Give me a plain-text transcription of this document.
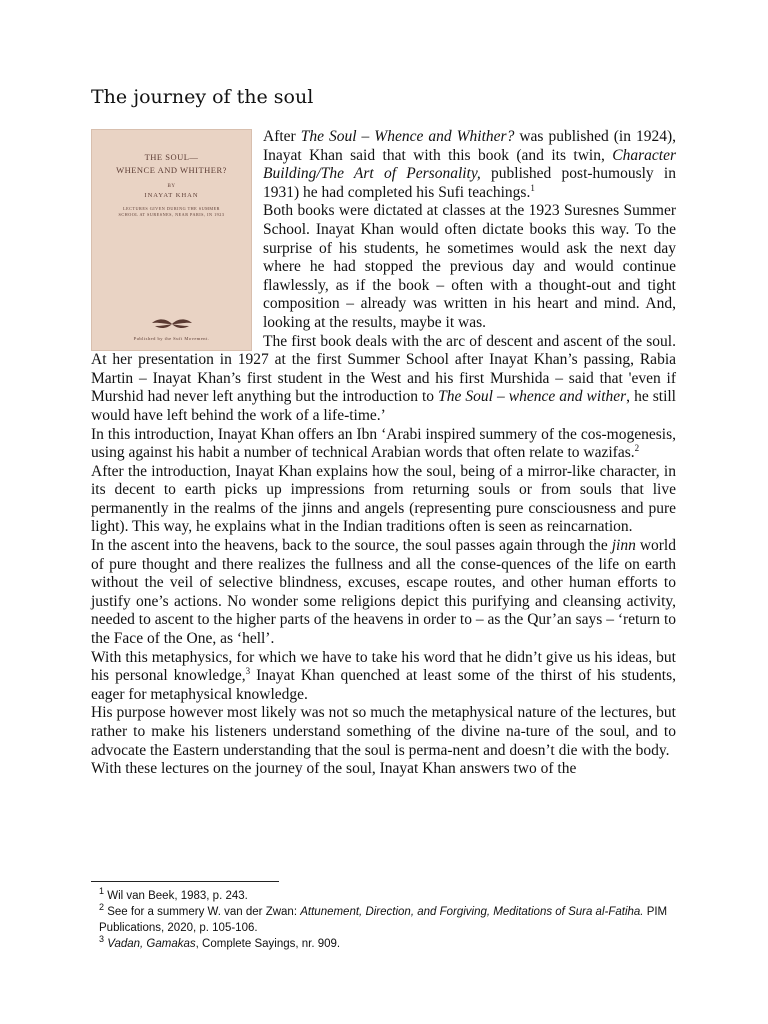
The journey of the soul
THE SOUL—
WHENCE AND WHITHER?
BY
INAYAT KHAN
LECTURES GIVEN DURING THE SUMMER SCHOOL AT SURESNES, NEAR PARIS, IN 1923
Published by the Sufi Movement.

After The Soul – Whence and Whither? was published (in 1924), Inayat Khan said that with this book (and its twin, Character Building/The Art of Personality, published post-humously in 1931) he had completed his Sufi teachings.$^1$

Both books were dictated at classes at the 1923 Suresnes Summer School. Inayat Khan would often dictate books this way. To the surprise of his students, he sometimes would ask the next day where he had stopped the previous day and would continue flawlessly, as if the book – often with a thought-out and tight composition – already was written in his heart and mind. And, looking at the results, maybe it was.

The first book deals with the arc of descent and ascent of the soul. At her presentation in 1927 at the first Summer School after Inayat Khan’s passing, Rabia Martin – Inayat Khan’s first student in the West and his first Murshida – said that 'even if Murshid had never left anything but the introduction to The Soul – whence and wither, he still would have left behind the work of a life-time.’

In this introduction, Inayat Khan offers an Ibn ‘Arabi inspired summery of the cos-mogenesis, using against his habit a number of technical Arabian words that often relate to wazifas.$^2$

After the introduction, Inayat Khan explains how the soul, being of a mirror-like character, in its decent to earth picks up impressions from returning souls or from souls that live permanently in the realms of the jinns and angels (representing pure consciousness and pure light). This way, he explains what in the Indian traditions often is seen as reincarnation.

In the ascent into the heavens, back to the source, the soul passes again through the jinn world of pure thought and there realizes the fullness and all the conse-quences of the life on earth without the veil of selective blindness, excuses, escape routes, and other human efforts to justify one’s actions. No wonder some religions depict this purifying and cleansing activity, needed to ascent to the higher parts of the heavens in order to – as the Qur’an says – ‘return to the Face of the One, as ‘hell’.

With this metaphysics, for which we have to take his word that he didn’t give us his ideas, but his personal knowledge,$^3$ Inayat Khan quenched at least some of the thirst of his students, eager for metaphysical knowledge.

His purpose however most likely was not so much the metaphysical nature of the lectures, but rather to make his listeners understand something of the divine na-ture of the soul, and to advocate the Eastern understanding that the soul is perma-nent and doesn’t die with the body.

With these lectures on the journey of the soul, Inayat Khan answers two of the

$^1$ Wil van Beek, 1983, p. 243.

$^2$ See for a summery W. van der Zwan: Attunement, Direction, and Forgiving, Meditations of Sura al-Fatiha. PIM Publications, 2020, p. 105-106.

$^3$ Vadan, Gamakas, Complete Sayings, nr. 909.
